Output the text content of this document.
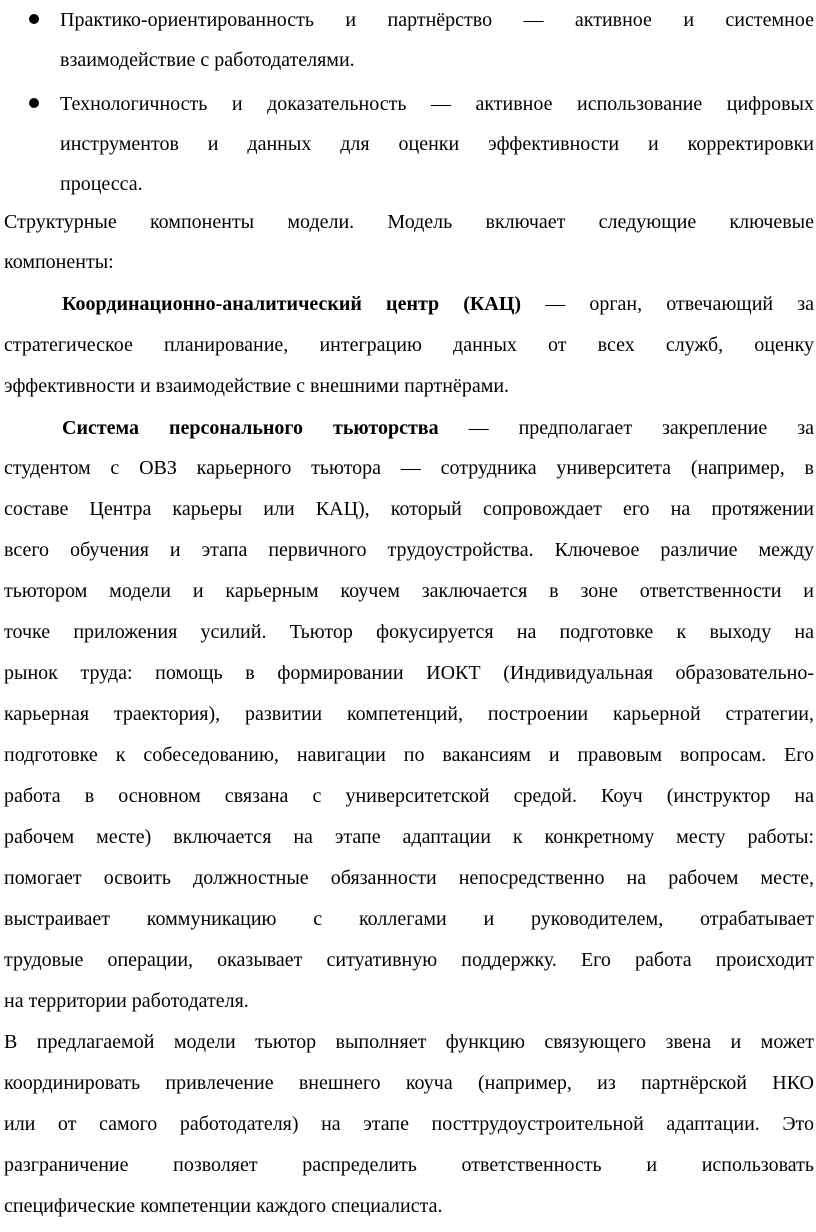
Практико-ориентированность и партнёрство — активное и системное
взаимодействие с работодателями.
Технологичность и доказательность — активное использование цифровых
инструментов и данных для оценки эффективности и корректировки
процесса.
Структурные компоненты модели. Модель включает следующие ключевые
компоненты:
Координационно-аналитический центр (КАЦ) — орган, отвечающий за
стратегическое планирование, интеграцию данных от всех служб, оценку
эффективности и взаимодействие с внешними партнёрами.
Система персонального тьюторства — предполагает закрепление за
студентом с ОВЗ карьерного тьютора — сотрудника университета (например, в
составе Центра карьеры или КАЦ), который сопровождает его на протяжении
всего обучения и этапа первичного трудоустройства. Ключевое различие между
тьютором модели и карьерным коучем заключается в зоне ответственности и
точке приложения усилий. Тьютор фокусируется на подготовке к выходу на
рынок труда: помощь в формировании ИОКТ (Индивидуальная образовательно-
карьерная траектория), развитии компетенций, построении карьерной стратегии,
подготовке к собеседованию, навигации по вакансиям и правовым вопросам. Его
работа в основном связана с университетской средой. Коуч (инструктор на
рабочем месте) включается на этапе адаптации к конкретному месту работы:
помогает освоить должностные обязанности непосредственно на рабочем месте,
выстраивает коммуникацию с коллегами и руководителем, отрабатывает
трудовые операции, оказывает ситуативную поддержку. Его работа происходит
на территории работодателя.
В предлагаемой модели тьютор выполняет функцию связующего звена и может
координировать привлечение внешнего коуча (например, из партнёрской НКО
или от самого работодателя) на этапе посттрудоустроительной адаптации. Это
разграничение позволяет распределить ответственность и использовать
специфические компетенции каждого специалиста.
